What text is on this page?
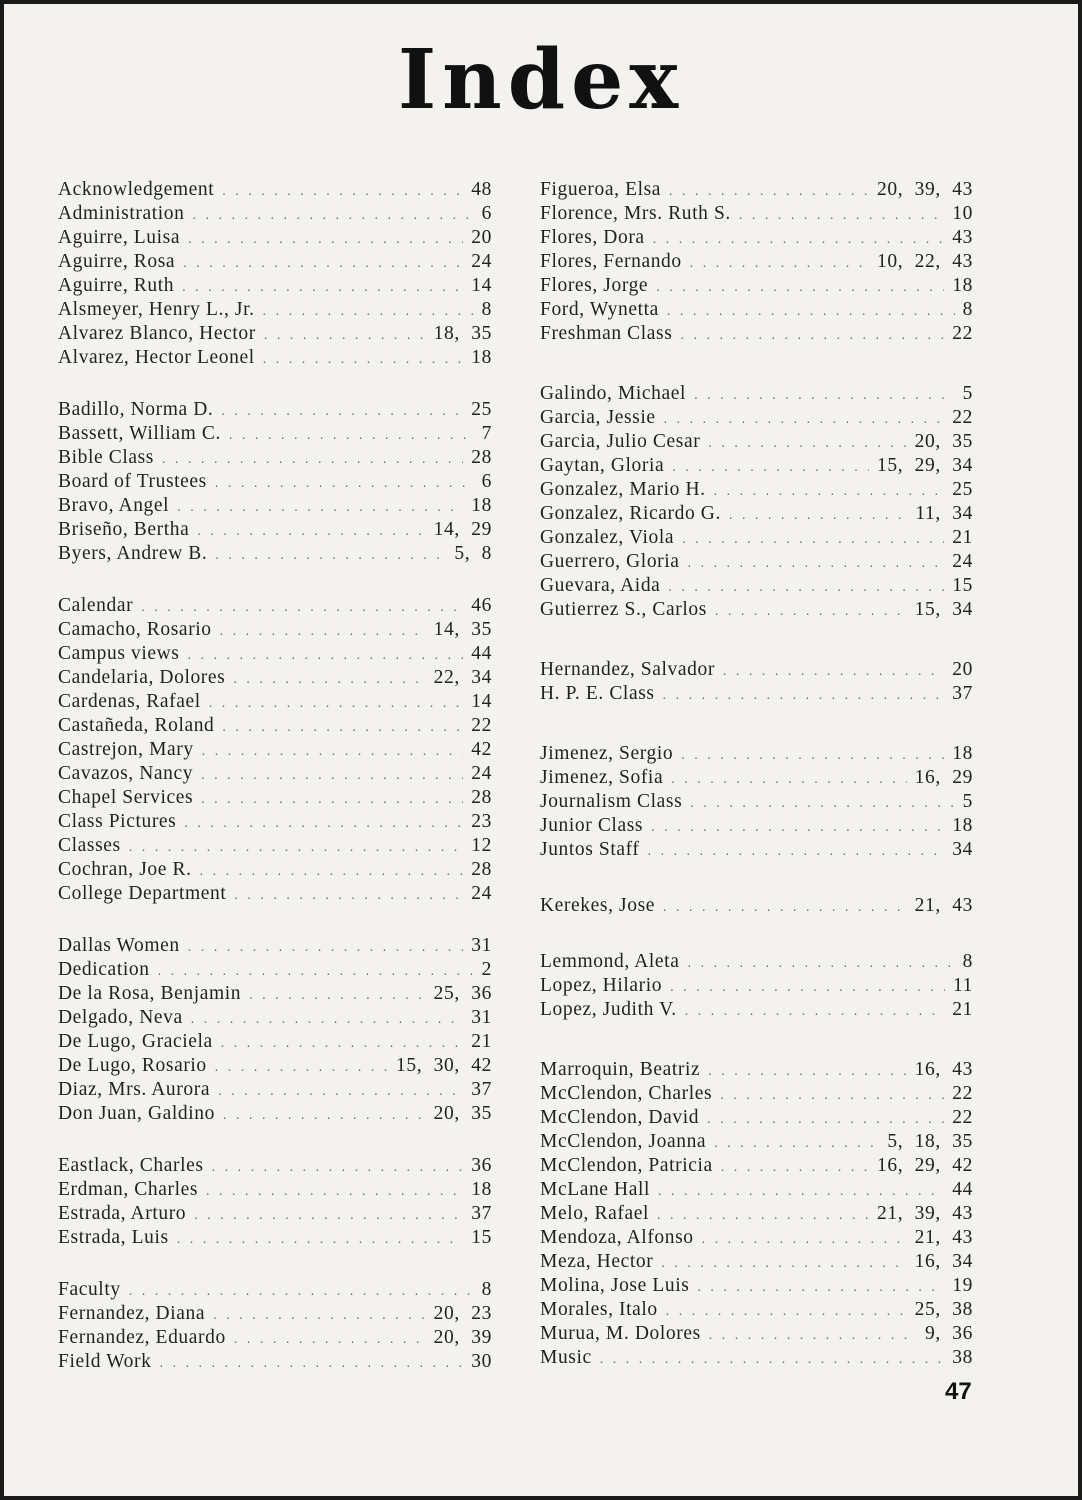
Index
Acknowledgement . . .	48
Administration . . .	6
Aguirre, Luisa . . .	20
Aguirre, Rosa . . .	24
Aguirre, Ruth . . .	14
Alsmeyer, Henry L., Jr. . . .	8
Alvarez Blanco, Hector . . .	18, 35
Alvarez, Hector Leonel . . .	18
Badillo, Norma D. . . .	25
Bassett, William C. . . .	7
Bible Class . . .	28
Board of Trustees . . .	6
Bravo, Angel . . .	18
Briseño, Bertha . . .	14, 29
Byers, Andrew B. . . .	5, 8
Calendar . . .	46
Camacho, Rosario . . .	14, 35
Campus views . . .	44
Candelaria, Dolores . . .	22, 34
Cardenas, Rafael . . .	14
Castañeda, Roland . . .	22
Castrejon, Mary . . .	42
Cavazos, Nancy . . .	24
Chapel Services . . .	28
Class Pictures . . .	23
Classes . . .	12
Cochran, Joe R. . . .	28
College Department . . .	24
Dallas Women . . .	31
Dedication . . .	2
De la Rosa, Benjamin . . .	25, 36
Delgado, Neva . . .	31
De Lugo, Graciela . . .	21
De Lugo, Rosario . . .	15, 30, 42
Diaz, Mrs. Aurora . . .	37
Don Juan, Galdino . . .	20, 35
Eastlack, Charles . . .	36
Erdman, Charles . . .	18
Estrada, Arturo . . .	37
Estrada, Luis . . .	15
Faculty . . .	8
Fernandez, Diana . . .	20, 23
Fernandez, Eduardo . . .	20, 39
Field Work . . .	30
Figueroa, Elsa . . .	20, 39, 43
Florence, Mrs. Ruth S. . . .	10
Flores, Dora . . .	43
Flores, Fernando . . .	10, 22, 43
Flores, Jorge . . .	18
Ford, Wynetta . . .	8
Freshman Class . . .	22
Galindo, Michael . . .	5
Garcia, Jessie . . .	22
Garcia, Julio Cesar . . .	20, 35
Gaytan, Gloria . . .	15, 29, 34
Gonzalez, Mario H. . . .	25
Gonzalez, Ricardo G. . . .	11, 34
Gonzalez, Viola . . .	21
Guerrero, Gloria . . .	24
Guevara, Aida . . .	15
Gutierrez S., Carlos . . .	15, 34
Hernandez, Salvador . . .	20
H. P. E. Class . . .	37
Jimenez, Sergio . . .	18
Jimenez, Sofia . . .	16, 29
Journalism Class . . .	5
Junior Class . . .	18
Juntos Staff . . .	34
Kerekes, Jose . . .	21, 43
Lemmond, Aleta . . .	8
Lopez, Hilario . . .	11
Lopez, Judith V. . . .	21
Marroquin, Beatriz . . .	16, 43
McClendon, Charles . . .	22
McClendon, David . . .	22
McClendon, Joanna . . .	5, 18, 35
McClendon, Patricia . . .	16, 29, 42
McLane Hall . . .	44
Melo, Rafael . . .	21, 39, 43
Mendoza, Alfonso . . .	21, 43
Meza, Hector . . .	16, 34
Molina, Jose Luis . . .	19
Morales, Italo . . .	25, 38
Murua, M. Dolores . . .	9, 36
Music . . .	38
47
